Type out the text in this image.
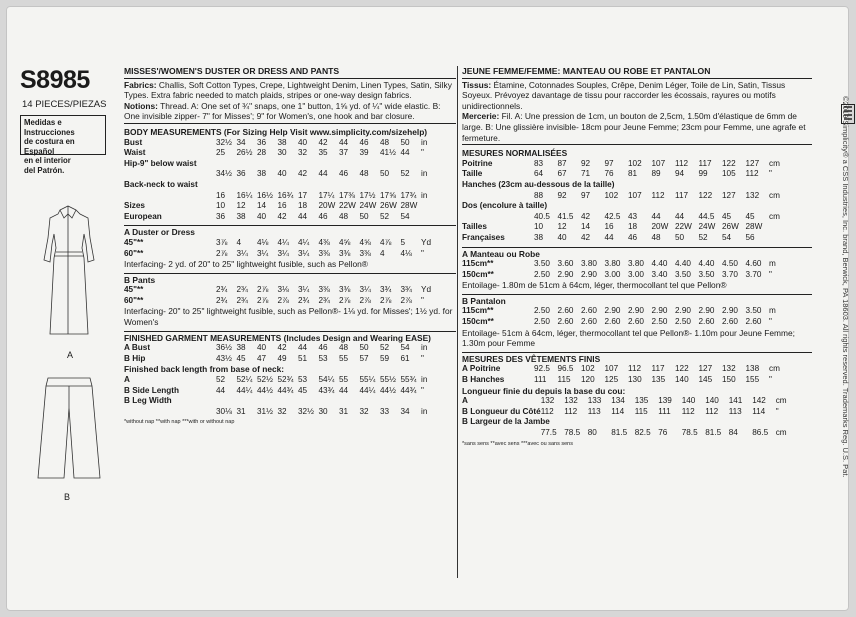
S8985
14 PIECES/PIEZAS
Medidas e Instrucciones
de costura en Español
en el interior
del Patrón.
A
B
MISSES'/WOMEN'S DUSTER OR DRESS AND PANTS
Fabrics: Challis, Soft Cotton Types, Crepe, Lightweight Denim, Linen Types, Satin, Silky Types. Extra fabric needed to match plaids, stripes or one-way design fabrics.
Notions: Thread. A: One set of ¾" snaps, one 1" button, 1⅝ yd. of ¼" wide elastic. B: One invisible zipper- 7" for Misses'; 9" for Women's, one hook and bar closure.
BODY MEASUREMENTS (For Sizing Help Visit www.simplicity.com/sizehelp)
Bust	32½	34	36	38	40	42	44	46	48	50	in
Waist	25	26½	28	30	32	35	37	39	41½	44	"
Hip-9" below waist											
	34½	36	38	40	42	44	46	48	50	52	in
Back-neck to waist											
	16	16¼	16½	16¾	17	17¼	17⅜	17½	17⅝	17¾	in
Sizes	10	12	14	16	18	20W	22W	24W	26W	28W	
European	36	38	40	42	44	46	48	50	52	54	
A Duster or Dress
45"**	3⅞	4	4⅛	4¼	4¼	4⅜	4⅝	4⅝	4⅞	5	Yd
60"**	2⅞	3¼	3¼	3¼	3¼	3⅜	3⅜	3⅜	4	4⅛	"
Interfacing- 2 yd. of 20" to 25" lightweight fusible, such as Pellon®
B Pants
45"**	2¾	2¾	2⅞	3⅛	3¼	3⅜	3⅜	3¼	3¾	3¾	Yd
60"**	2¾	2¾	2⅞	2⅞	2¾	2¾	2⅞	2⅞	2⅞	2⅞	"
Interfacing- 20" to 25" lightweight fusible, such as Pellon®- 1⅛ yd. for Misses'; 1½ yd. for Women's
FINISHED GARMENT MEASUREMENTS (Includes Design and Wearing EASE)
A Bust	36½	38	40	42	44	46	48	50	52	54	in
B Hip	43½	45	47	49	51	53	55	57	59	61	"
Finished back length from base of neck:
A	52	52¼	52½	52¾	53	54¼	55	55¼	55½	55¾	in
B Side Length	44	44¼	44½	44¾	45	43¾	44	44¼	44½	44¾	"
B Leg Width											
	30⅛	31	31½	32	32½	30	31	32	33	34	in
*without nap **with nap ***with or without nap
JEUNE FEMME/FEMME: MANTEAU OU ROBE ET PANTALON
Tissus: Étamine, Cotonnades Souples, Crêpe, Denim Léger, Toile de Lin, Satin, Tissus Soyeux. Prévoyez davantage de tissu pour raccorder les écossais, rayures ou motifs unidirectionnels.
Mercerie: Fil. A: Une pression de 1cm, un bouton de 2,5cm, 1.50m d'élastique de 6mm de large. B: Une glissière invisible- 18cm pour Jeune Femme; 23cm pour Femme, une agrafe et fermeture.
MESURES NORMALISÉES
Poitrine	83	87	92	97	102	107	112	117	122	127	cm
Taille	64	67	71	76	81	89	94	99	105	112	"
Hanches (23cm au-dessous de la taille)											
	88	92	97	102	107	112	117	122	127	132	cm
Dos (encolure à taille)											
	40.5	41.5	42	42.5	43	44	44	44.5	45	45	cm
Tailles	10	12	14	16	18	20W	22W	24W	26W	28W	
Françaises	38	40	42	44	46	48	50	52	54	56	
A Manteau ou Robe
115cm**	3.50	3.60	3.80	3.80	3.80	4.40	4.40	4.40	4.50	4.60	m
150cm**	2.50	2.90	2.90	3.00	3.00	3.40	3.50	3.50	3.70	3.70	"
Entoilage- 1.80m de 51cm à 64cm, léger, thermocollant tel que Pellon®
B Pantalon
115cm**	2.50	2.60	2.60	2.90	2.90	2.90	2.90	2.90	2.90	3.50	m
150cm**	2.50	2.60	2.60	2.60	2.60	2.50	2.50	2.60	2.60	2.60	"
Entoilage- 51cm à 64cm, léger, thermocollant tel que Pellon®- 1.10m pour Jeune Femme; 1.30m pour Femme
MESURES DES VÊTEMENTS FINIS
A Poitrine	92.5	96.5	102	107	112	117	122	127	132	138	cm
B Hanches	111	115	120	125	130	135	140	145	150	155	"
Longueur finie du depuis la base du cou:
A	132	132	133	134	135	139	140	140	141	142	cm
B Longueur du Côté	112	112	113	114	115	111	112	112	113	114	"
B Largeur de la Jambe											
	77.5	78.5	80	81.5	82.5	76	78.5	81.5	84	86.5	cm
*sans sens **avec sens ***avec ou sans sens	©2019 Simplicity® a CSS Industries, Inc. brand, Berwick, PA 18603. All rights reserved. Trademarks Reg. U.S. Pat.
